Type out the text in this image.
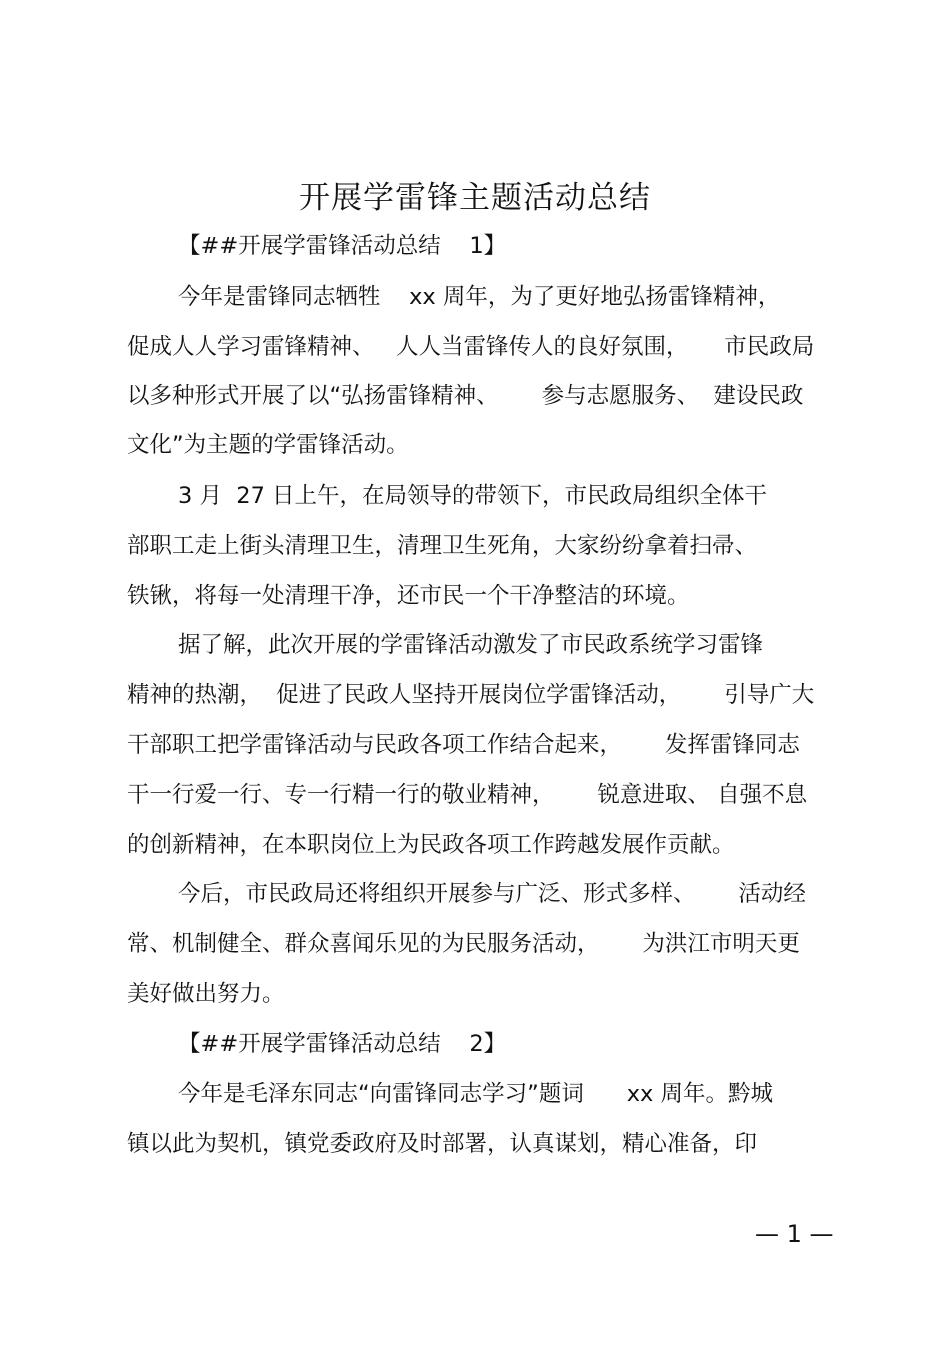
开展学雷锋主题活动总结
【##开展学雷锋活动总结    1】
今年是雷锋同志牺牲    xx 周年，为了更好地弘扬雷锋精神，
促成人人学习雷锋精神、   人人当雷锋传人的良好氛围，     市民政局
以多种形式开展了以“弘扬雷锋精神、      参与志愿服务、  建设民政
文化”为主题的学雷锋活动。
3 月  27 日上午，在局领导的带领下，市民政局组织全体干
部职工走上街头清理卫生，清理卫生死角，大家纷纷拿着扫帚、
铁锹，将每一处清理干净，还市民一个干净整洁的环境。
据了解，此次开展的学雷锋活动激发了市民政系统学习雷锋
精神的热潮，  促进了民政人坚持开展岗位学雷锋活动，      引导广大
干部职工把学雷锋活动与民政各项工作结合起来，      发挥雷锋同志
干一行爱一行、专一行精一行的敬业精神，      锐意进取、 自强不息
的创新精神，在本职岗位上为民政各项工作跨越发展作贡献。
今后，市民政局还将组织开展参与广泛、形式多样、      活动经
常、机制健全、群众喜闻乐见的为民服务活动，      为洪江市明天更
美好做出努力。
【##开展学雷锋活动总结    2】
今年是毛泽东同志“向雷锋同志学习”题词      xx 周年。黔城
镇以此为契机，镇党委政府及时部署，认真谋划，精心准备，印
— 1 —
